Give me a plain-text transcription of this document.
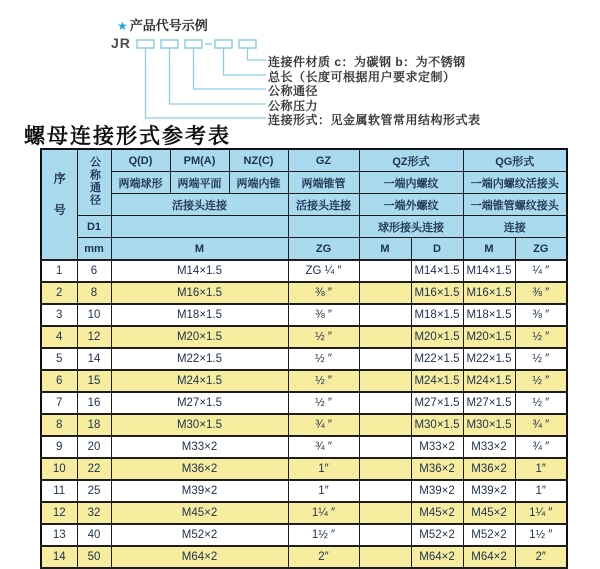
★ 产品代号示例
JR
连接件材质 c：为碳钢 b：为不锈钢
总长（长度可根据用户要求定制）
公称通径
公称压力
连接形式：见金属软管常用结构形式表
螺母连接形式参考表
序号	公称通径	Q(D)	PM(A)	NZ(C)	GZ	QZ形式		QG形式	
		两端球形	两端平面	两端内锥	两端锥管	一端内螺纹		一端内螺纹活接头	
		活接头连接			活接头连接	一端外螺纹		一端锥管螺纹接头	
	D1					球形接头连接		连接	
	mm	M			ZG	M	D	M	ZG
1	6	M14×1.5			ZG ¼ ″		M14×1.5	M14×1.5	¼ ″
2	8	M16×1.5			⅜ ″		M16×1.5	M16×1.5	⅜ ″
3	10	M18×1.5			⅜ ″		M18×1.5	M18×1.5	⅜ ″
4	12	M20×1.5			½ ″		M20×1.5	M20×1.5	½ ″
5	14	M22×1.5			½ ″		M22×1.5	M22×1.5	½ ″
6	15	M24×1.5			½ ″		M24×1.5	M24×1.5	½ ″
7	16	M27×1.5			½ ″		M27×1.5	M27×1.5	½ ″
8	18	M30×1.5			¾ ″		M30×1.5	M30×1.5	¾ ″
9	20	M33×2			¾ ″		M33×2	M33×2	¾ ″
10	22	M36×2			1″		M36×2	M36×2	1″
11	25	M39×2			1″		M39×2	M39×2	1″
12	32	M45×2			1¼ ″		M45×2	M45×2	1¼ ″
13	40	M52×2			1½ ″		M52×2	M52×2	1½ ″
14	50	M64×2			2″		M64×2	M64×2	2″
